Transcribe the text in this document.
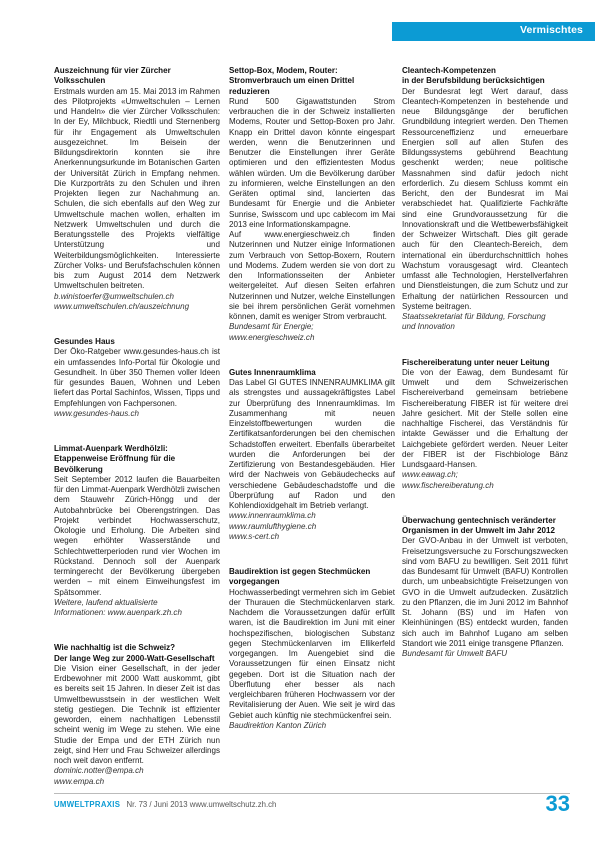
Vermischtes
Auszeichnung für vier Zürcher Volksschulen

Erstmals wurden am 15. Mai 2013 im Rahmen des Pilotprojekts «Umweltschulen – Lernen und Handeln» die vier Zürcher Volksschulen: In der Ey, Milchbuck, Riedtli und Sternenberg für ihr Engagement als Umweltschulen ausgezeichnet. Im Beisein der Bildungsdirektorin konnten sie ihre Anerkennungsurkunde im Botanischen Garten der Universität Zürich in Empfang nehmen. Die Kurzporträts zu den Schulen und ihren Projekten liegen zur Nachahmung an. Schulen, die sich ebenfalls auf den Weg zur Umweltschule machen wollen, erhalten im Netzwerk Umweltschulen und durch die Beratungsstelle des Projekts vielfältige Unterstützung und Weiterbildungsmöglichkeiten. Interessierte Zürcher Volks- und Berufsfachschulen können bis zum August 2014 dem Netzwerk Umweltschulen beitreten.

b.winistoerfer@umweltschulen.ch
www.umweltschulen.ch/auszeichnung
Gesundes Haus

Der Öko-Ratgeber www.gesundes-haus.ch ist ein umfassendes Info-Portal für Ökologie und Gesundheit. In über 350 Themen voller Ideen für gesundes Bauen, Wohnen und Leben liefert das Portal Sachinfos, Wissen, Tipps und Empfehlungen von Fachpersonen.

www.gesundes-haus.ch
Limmat-Auenpark Werdhölzli: Etappenweise Eröffnung für die Bevölkerung

Seit September 2012 laufen die Bauarbeiten für den Limmat-Auenpark Werdhölzli zwischen dem Stauwehr Zürich-Höngg und der Autobahnbrücke bei Oberengstringen. Das Projekt verbindet Hochwasserschutz, Ökologie und Erholung. Die Arbeiten sind wegen erhöhter Wasserstände und Schlechtwetterperioden rund vier Wochen im Rückstand. Dennoch soll der Auenpark termingerecht der Bevölkerung übergeben werden – mit einem Einweihungsfest im Spätsommer.

Weitere, laufend aktualisierte
Informationen: www.auenpark.zh.ch
Wie nachhaltig ist die Schweiz?
Der lange Weg zur 2000-Watt-Gesellschaft

Die Vision einer Gesellschaft, in der jeder Erdbewohner mit 2000 Watt auskommt, gibt es bereits seit 15 Jahren. In dieser Zeit ist das Umweltbewusstsein in der westlichen Welt stetig gestiegen. Die Technik ist effizienter geworden, einem nachhaltigen Lebensstil scheint wenig im Wege zu stehen. Wie eine Studie der Empa und der ETH Zürich nun zeigt, sind Herr und Frau Schweizer allerdings noch weit davon entfernt.

dominic.notter@empa.ch
www.empa.ch
Settop-Box, Modem, Router:
Stromverbrauch um einen Drittel reduzieren

Rund 500 Gigawattstunden Strom verbrauchen die in der Schweiz installierten Modems, Router und Settop-Boxen pro Jahr. Knapp ein Drittel davon könnte eingespart werden, wenn die Benutzerinnen und Benutzer die Einstellungen ihrer Geräte optimieren und den effizientesten Modus wählen würden. Um die Bevölkerung darüber zu informieren, welche Einstellungen an den Geräten optimal sind, lancierten das Bundesamt für Energie und die Anbieter Sunrise, Swisscom und upc cablecom im Mai 2013 eine Informationskampagne.

Auf www.energieschweiz.ch finden Nutzerinnen und Nutzer einige Informationen zum Verbrauch von Settop-Boxern, Routern und Modems. Zudem werden sie von dort zu den Informationsseiten der Anbieter weitergeleitet. Auf diesen Seiten erfahren Nutzerinnen und Nutzer, welche Einstellungen sie bei ihrem persönlichen Gerät vornehmen können, damit es weniger Strom verbraucht.

Bundesamt für Energie;
www.energieschweiz.ch
Gutes Innenraumklima

Das Label GI GUTES INNENRAUMKLIMA gilt als strengstes und aussagekräftigstes Label zur Überprüfung des Innenraumklimas. Im Zusammenhang mit neuen Einzelstoffbewertungen wurden die Zertifikatsanforderungen bei den chemischen Schadstoffen erweitert. Ebenfalls überarbeitet wurden die Anforderungen bei der Zertifizierung von Bestandesgebäuden. Hier wird der Nachweis von Gebäudechecks auf verschiedene Gebäudeschadstoffe und die Überprüfung auf Radon und den Kohlendioxidgehalt im Betrieb verlangt.

www.innenraumklima.ch
www.raumlufthygiene.ch
www.s-cert.ch
Baudirektion ist gegen Stechmücken vorgegangen

Hochwasserbedingt vermehren sich im Gebiet der Thurauen die Stechmückenlarven stark. Nachdem die Voraussetzungen dafür erfüllt waren, ist die Baudirektion im Juni mit einer hochspezifischen, biologischen Substanz gegen Stechmückenlarven im Ellikerfeld vorgegangen. Im Auengebiet sind die Voraussetzungen für einen Einsatz nicht gegeben. Dort ist die Situation nach der Überflutung eher besser als nach vergleichbaren früheren Hochwassern vor der Revitalisierung der Auen. Wie seit je wird das Gebiet auch künftig nie stechmückenfrei sein.

Baudirektion Kanton Zürich
Cleantech-Kompetenzen
in der Berufsbildung berücksichtigen

Der Bundesrat legt Wert darauf, dass Cleantech-Kompetenzen in bestehende und neue Bildungsgänge der beruflichen Grundbildung integriert werden. Den Themen Ressourceneffizienz und erneuerbare Energien soll auf allen Stufen des Bildungssystems gebührend Beachtung geschenkt werden; neue politische Massnahmen sind dafür jedoch nicht erforderlich. Zu diesem Schluss kommt ein Bericht, den der Bundesrat im Mai verabschiedet hat. Qualifizierte Fachkräfte sind eine Grundvoraussetzung für die Innovationskraft und die Wettbewerbsfähigkeit der Schweizer Wirtschaft. Dies gilt gerade auch für den Cleantech-Bereich, dem international ein überdurchschnittlich hohes Wachstum vorausgesagt wird. Cleantech umfasst alle Technologien, Herstellverfahren und Dienstleistungen, die zum Schutz und zur Erhaltung der natürlichen Ressourcen und Systeme beitragen.

Staatssekretariat für Bildung, Forschung
und Innovation
Fischereiberatung unter neuer Leitung

Die von der Eawag, dem Bundesamt für Umwelt und dem Schweizerischen Fischereiverband gemeinsam betriebene Fischereiberatung FIBER ist für weitere drei Jahre gesichert. Mit der Stelle sollen eine nachhaltige Fischerei, das Verständnis für intakte Gewässer und die Erhaltung der Laichgebiete gefördert werden. Neuer Leiter der FIBER ist der Fischbiologe Bänz Lundsgaard-Hansen.

www.eawag.ch;
www.fischereiberatung.ch
Überwachung gentechnisch veränderter
Organismen in der Umwelt im Jahr 2012

Der GVO-Anbau in der Umwelt ist verboten, Freisetzungsversuche zu Forschungszwecken sind vom BAFU zu bewilligen. Seit 2011 führt das Bundesamt für Umwelt (BAFU) Kontrollen durch, um unbeabsichtigte Freisetzungen von GVO in die Umwelt aufzudecken. Zusätzlich zu den Pflanzen, die im Juni 2012 im Bahnhof St. Johann (BS) und im Hafen von Kleinhüningen (BS) entdeckt wurden, fanden sich auch im Bahnhof Lugano am selben Standort wie 2011 einige transgene Pflanzen.

Bundesamt für Umwelt BAFU
UMWELTPRAXIS Nr. 73 / Juni 2013 www.umweltschutz.zh.ch	33
